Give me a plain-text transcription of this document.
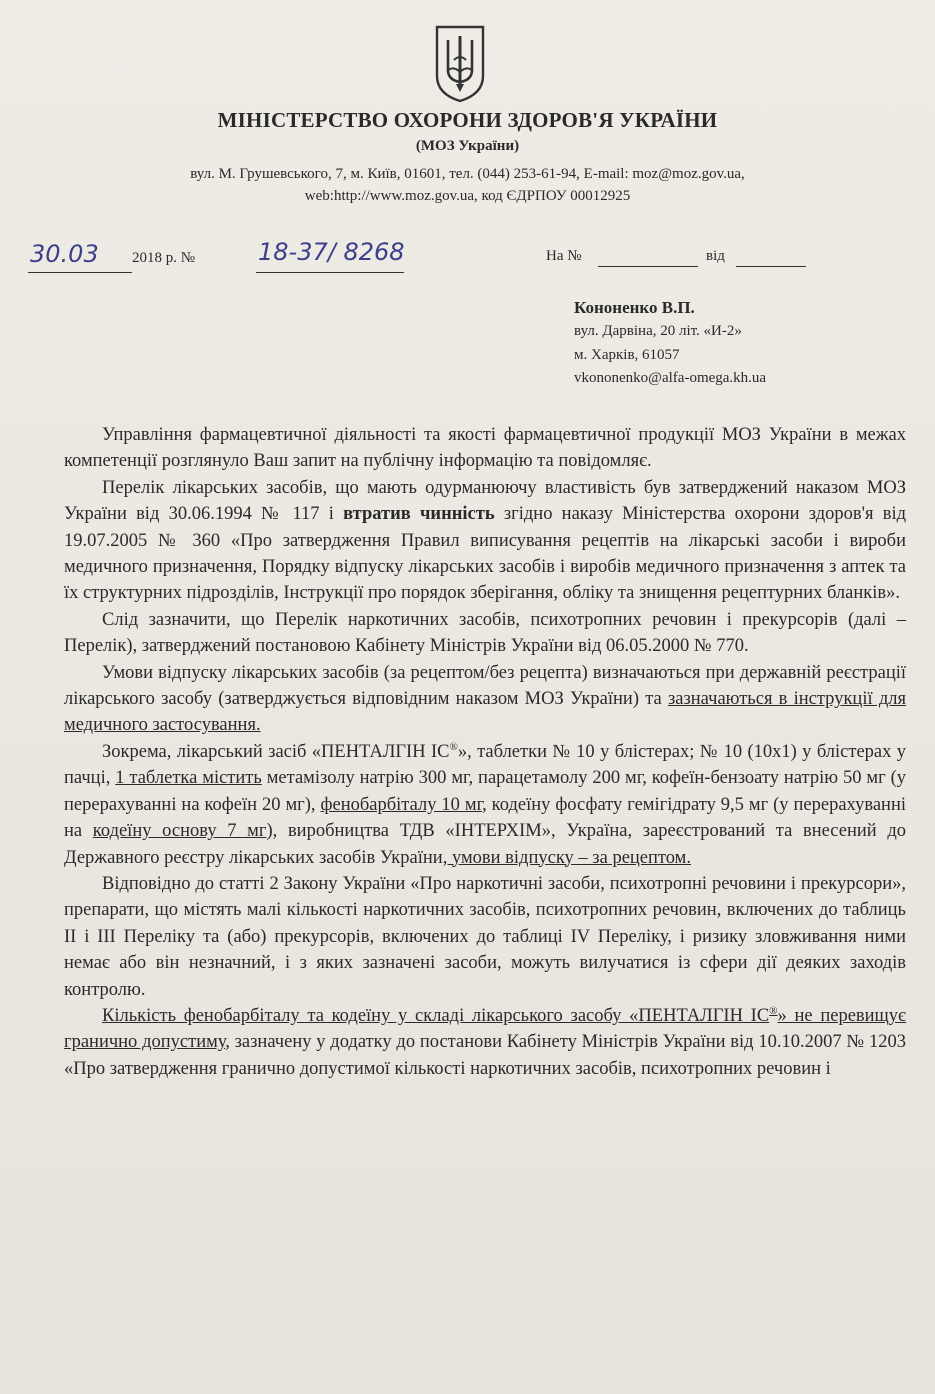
МІНІСТЕРСТВО ОХОРОНИ ЗДОРОВ'Я УКРАЇНИ
(МОЗ України)
вул. М. Грушевського, 7, м. Київ, 01601, тел. (044) 253-61-94, E-mail: moz@moz.gov.ua,
web:http://www.moz.gov.ua, код ЄДРПОУ 00012925
30.03 2018 р. №	18-37/ 8268	На №	від
Кононенко В.П.
вул. Дарвіна, 20 літ. «И-2»
м. Харків, 61057
vkononenko@alfa-omega.kh.ua

Управління фармацевтичної діяльності та якості фармацевтичної продукції МОЗ України в межах компетенції розглянуло Ваш запит на публічну інформацію та повідомляє.

Перелік лікарських засобів, що мають одурманюючу властивість був затверджений наказом МОЗ України від 30.06.1994 № 117 і втратив чинність згідно наказу Міністерства охорони здоров'я від 19.07.2005 № 360 «Про затвердження Правил виписування рецептів на лікарські засоби і вироби медичного призначення, Порядку відпуску лікарських засобів і виробів медичного призначення з аптек та їх структурних підрозділів, Інструкції про порядок зберігання, обліку та знищення рецептурних бланків».

Слід зазначити, що Перелік наркотичних засобів, психотропних речовин і прекурсорів (далі – Перелік), затверджений постановою Кабінету Міністрів України від 06.05.2000 № 770.

Умови відпуску лікарських засобів (за рецептом/без рецепта) визначаються при державній реєстрації лікарського засобу (затверджується відповідним наказом МОЗ України) та зазначаються в інструкції для медичного застосування.

Зокрема, лікарський засіб «ПЕНТАЛГІН ІС®», таблетки № 10 у блістерах; № 10 (10х1) у блістерах у пачці, 1 таблетка містить метамізолу натрію 300 мг, парацетамолу 200 мг, кофеїн-бензоату натрію 50 мг (у перерахуванні на кофеїн 20 мг), фенобарбіталу 10 мг, кодеїну фосфату гемігідрату 9,5 мг (у перерахуванні на кодеїну основу 7 мг), виробництва ТДВ «ІНТЕРХІМ», Україна, зареєстрований та внесений до Державного реєстру лікарських засобів України, умови відпуску – за рецептом.

Відповідно до статті 2 Закону України «Про наркотичні засоби, психотропні речовини і прекурсори», препарати, що містять малі кількості наркотичних засобів, психотропних речовин, включених до таблиць II і III Переліку та (або) прекурсорів, включених до таблиці IV Переліку, і ризику зловживання ними немає або він незначний, і з яких зазначені засоби, можуть вилучатися із сфери дії деяких заходів контролю.

Кількість фенобарбіталу та кодеїну у складі лікарського засобу «ПЕНТАЛГІН ІС®» не перевищує гранично допустиму, зазначену у додатку до постанови Кабінету Міністрів України від 10.10.2007 № 1203 «Про затвердження гранично допустимої кількості наркотичних засобів, психотропних речовин і
